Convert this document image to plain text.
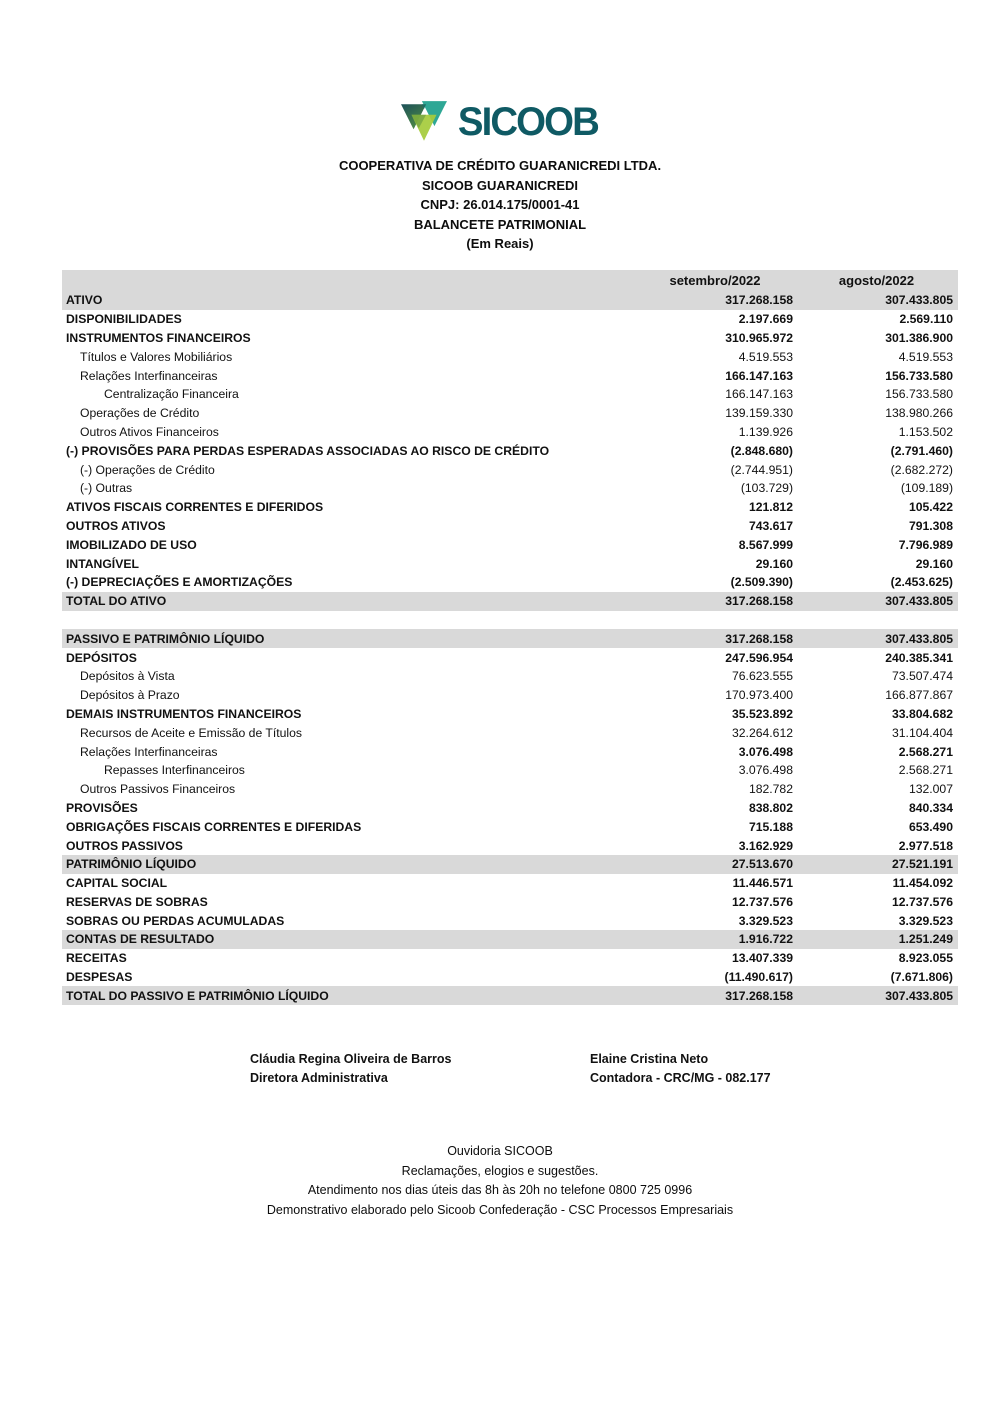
SICOOB
COOPERATIVA DE CRÉDITO GUARANICREDI LTDA.
SICOOB GUARANICREDI
CNPJ: 26.014.175/0001-41
BALANCETE PATRIMONIAL
(Em Reais)
setembro/2022	agosto/2022
ATIVO	317.268.158	307.433.805
DISPONIBILIDADES	2.197.669	2.569.110
INSTRUMENTOS FINANCEIROS	310.965.972	301.386.900
Títulos e Valores Mobiliários	4.519.553	4.519.553
Relações Interfinanceiras	166.147.163	156.733.580
Centralização Financeira	166.147.163	156.733.580
Operações de Crédito	139.159.330	138.980.266
Outros Ativos Financeiros	1.139.926	1.153.502
(-) PROVISÕES PARA PERDAS ESPERADAS ASSOCIADAS AO RISCO DE CRÉDITO	(2.848.680)	(2.791.460)
(-) Operações de Crédito	(2.744.951)	(2.682.272)
(-) Outras	(103.729)	(109.189)
ATIVOS FISCAIS CORRENTES E DIFERIDOS	121.812	105.422
OUTROS ATIVOS	743.617	791.308
IMOBILIZADO DE USO	8.567.999	7.796.989
INTANGÍVEL	29.160	29.160
(-) DEPRECIAÇÕES E AMORTIZAÇÕES	(2.509.390)	(2.453.625)
TOTAL DO ATIVO	317.268.158	307.433.805
PASSIVO E PATRIMÔNIO LÍQUIDO	317.268.158	307.433.805
DEPÓSITOS	247.596.954	240.385.341
Depósitos à Vista	76.623.555	73.507.474
Depósitos à Prazo	170.973.400	166.877.867
DEMAIS INSTRUMENTOS FINANCEIROS	35.523.892	33.804.682
Recursos de Aceite e Emissão de Títulos	32.264.612	31.104.404
Relações Interfinanceiras	3.076.498	2.568.271
Repasses Interfinanceiros	3.076.498	2.568.271
Outros Passivos Financeiros	182.782	132.007
PROVISÕES	838.802	840.334
OBRIGAÇÕES FISCAIS CORRENTES E DIFERIDAS	715.188	653.490
OUTROS PASSIVOS	3.162.929	2.977.518
PATRIMÔNIO LÍQUIDO	27.513.670	27.521.191
CAPITAL SOCIAL	11.446.571	11.454.092
RESERVAS DE SOBRAS	12.737.576	12.737.576
SOBRAS OU PERDAS ACUMULADAS	3.329.523	3.329.523
CONTAS DE RESULTADO	1.916.722	1.251.249
RECEITAS	13.407.339	8.923.055
DESPESAS	(11.490.617)	(7.671.806)
TOTAL DO PASSIVO E PATRIMÔNIO LÍQUIDO	317.268.158	307.433.805
Cláudia Regina Oliveira de Barros
Diretora Administrativa
Elaine Cristina Neto
Contadora - CRC/MG - 082.177
Ouvidoria SICOOB
Reclamações, elogios e sugestões.
Atendimento nos dias úteis das 8h às 20h no telefone 0800 725 0996
Demonstrativo elaborado pelo Sicoob Confederação - CSC Processos Empresariais
